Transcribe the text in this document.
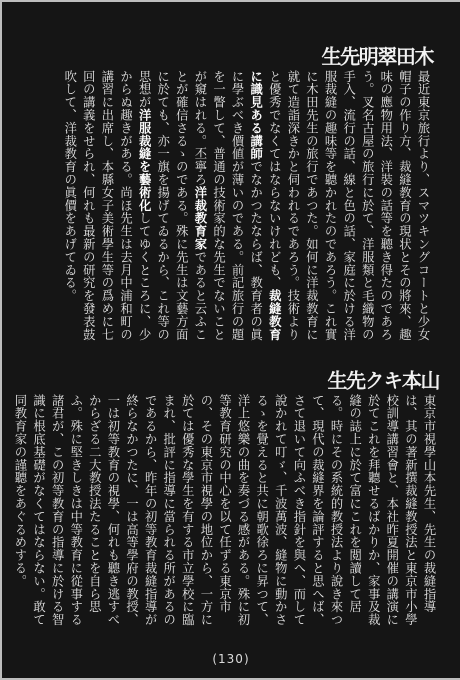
木田翠明先生
最近東京旅行より、スマツキングコートと少女帽子の作り方、裁縫教育の現状とその將來、趣味の應物用法、洋裝の話等を聽き得たのであろう。叉名古屋の旅行に於て、洋服類と毛織物の手入、流行の話、線と色の話、家庭に於ける洋服裁縫の趣味等を聽かれたのであろう。これ實に木田先生の旅行であつた。如何に洋裁教育に就て造詣深きかと伺われるであろう。技術よりと優秀でなくてはならないけれども、裁縫教育に識見ある講師でなかつたならば、教育者の眞に學ぶべき價値が薄いのである。前記旅行の題を一瞥して、普通の技術家的な先生でないことが窺はれる。丕寧ろ洋裁教育家であると云ふことが確信さるゝのである。殊に先生は文藝方面に於ても、亦一旗を揚げてゐるから、これ等の思想が洋服裁縫を藝術化してゆくところに、少からぬ趣きがある。尚ほ先生は去月中浦和町の講習に出席し、本縣女子美術學生等の爲めに七回の講義をせられ、何れも最新の研究を發表鼓吹して、洋裁教育の眞價をあげてゐる。
山本キク先生
東京市視學山本先生、先生の裁縫指導は、其の著新撰裁縫教授法と東京市小學校訓導講習會と、本社昨夏開催の講演に於てこれを拜聽せるばかりか、家事及裁縫の誌上に於て富にこれを閲讀して居る。時にその系統的教授法より說き來つて、現代の裁縫界を論評すると思へば、さて退いて向ふべき指針を與へ、而して說かれて叮ゞ、千波萬波、縫物に動かさるゝを覺えると共に朝歌徐ろに昇つて、洋上悠樂の曲を奏づる感がある。殊に初等教育研究の中心を以て任ずる東京市の、その東京市視學の地位から、一方に於ては優秀な學生を有する市立學校に臨まれ、批評に指導に當られる所があるのであるから、昨年の初等教育裁縫指導が終らなかつたに、一は高等學府の教授、一は初等教育の視學、何れも聽き逃すべからざる二大教授法たることを自ら思ふ。殊に堅きしきは中等教育に從事する諸君が、この初等教育の指導に於ける智識に根底基礎がなくてはならない。敢て同教育家の謹聽をあぐるめする。
(130)
